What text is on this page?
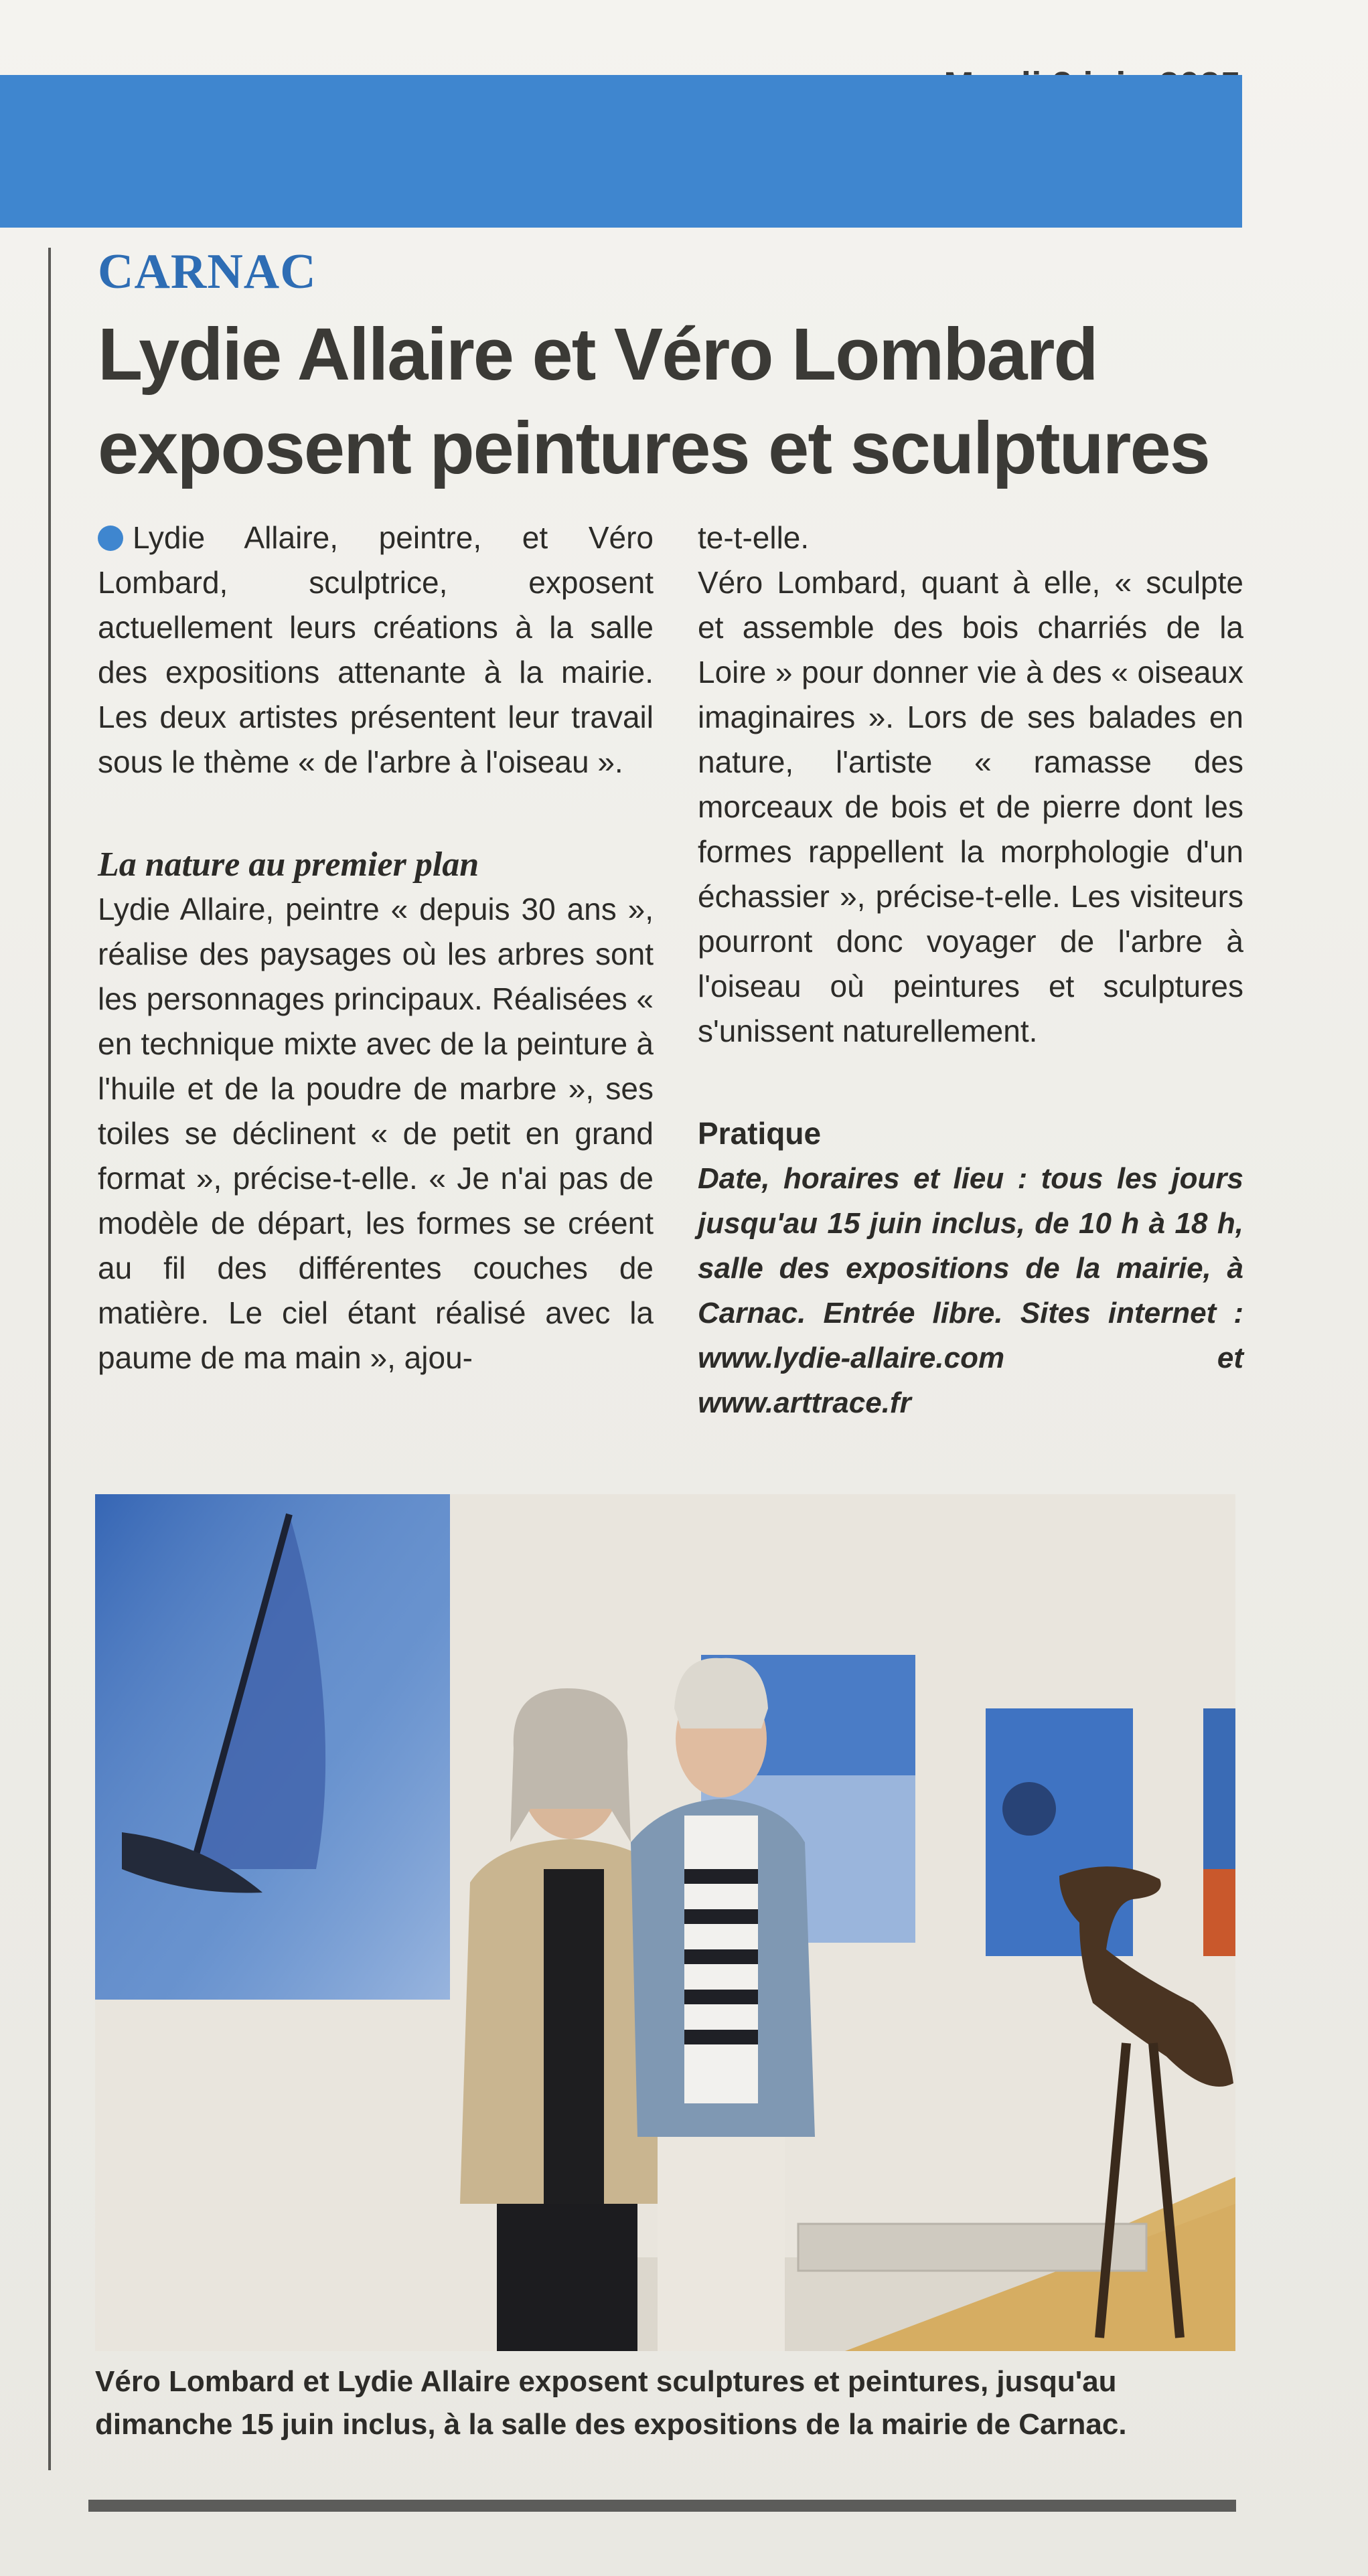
CARNAC
Lydie Allaire et Véro Lombard
exposent peintures et sculptures

Lydie Allaire, peintre, et Véro Lombard, sculptrice, exposent actuellement leurs créations à la salle des expositions attenante à la mairie. Les deux artistes présentent leur travail sous le thème « de l'arbre à l'oiseau ».

La nature au premier plan

Lydie Allaire, peintre « depuis 30 ans », réalise des paysages où les arbres sont les personnages principaux. Réalisées « en technique mixte avec de la peinture à l'huile et de la poudre de marbre », ses toiles se déclinent « de petit en grand format », précise-t-elle. « Je n'ai pas de modèle de départ, les formes se créent au fil des différentes couches de matière. Le ciel étant réalisé avec la paume de ma main », ajou-

te-t-elle.

Véro Lombard, quant à elle, « sculpte et assemble des bois charriés de la Loire » pour donner vie à des « oiseaux imaginaires ». Lors de ses balades en nature, l'artiste « ramasse des morceaux de bois et de pierre dont les formes rappellent la morphologie d'un échassier », précise-t-elle. Les visiteurs pourront donc voyager de l'arbre à l'oiseau où peintures et sculptures s'unissent naturellement.

Pratique

Date, horaires et lieu : tous les jours jusqu'au 15 juin inclus, de 10 h à 18 h, salle des expositions de la mairie, à Carnac. Entrée libre. Sites internet : www.lydie-allaire.com et www.arttrace.fr

Véro Lombard et Lydie Allaire exposent sculptures et peintures, jusqu'au dimanche 15 juin inclus, à la salle des expositions de la mairie de Carnac.
